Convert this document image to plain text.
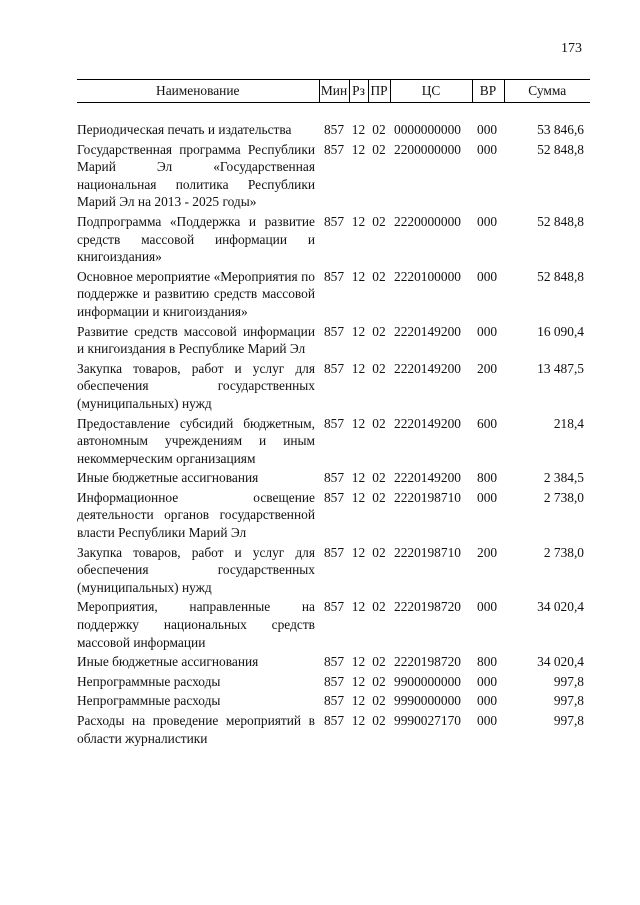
173
Наименование	Мин	Рз	ПР	ЦС	ВР	Сумма

Периодическая печать и издательства	857	12	02	0000000000	000	53 846,6
Государственная программа Республики Марий Эл «Государственная национальная политика Республики Марий Эл на 2013 - 2025 годы»	857	12	02	2200000000	000	52 848,8
Подпрограмма «Поддержка и развитие средств массовой информации и книгоиздания»	857	12	02	2220000000	000	52 848,8
Основное мероприятие «Мероприятия по поддержке и развитию средств массовой информации и книгоиздания»	857	12	02	2220100000	000	52 848,8
Развитие средств массовой информации и книгоиздания в Республике Марий Эл	857	12	02	2220149200	000	16 090,4
Закупка товаров, работ и услуг для обеспечения государственных (муниципальных) нужд	857	12	02	2220149200	200	13 487,5
Предоставление субсидий бюджетным, автономным учреждениям и иным некоммерческим организациям	857	12	02	2220149200	600	218,4
Иные бюджетные ассигнования	857	12	02	2220149200	800	2 384,5
Информационное освещение деятельности органов государственной власти Республики Марий Эл	857	12	02	2220198710	000	2 738,0
Закупка товаров, работ и услуг для обеспечения государственных (муниципальных) нужд	857	12	02	2220198710	200	2 738,0
Мероприятия, направленные на поддержку национальных средств массовой информации	857	12	02	2220198720	000	34 020,4
Иные бюджетные ассигнования	857	12	02	2220198720	800	34 020,4
Непрограммные расходы	857	12	02	9900000000	000	997,8
Непрограммные расходы	857	12	02	9990000000	000	997,8
Расходы на проведение мероприятий в области журналистики	857	12	02	9990027170	000	997,8
